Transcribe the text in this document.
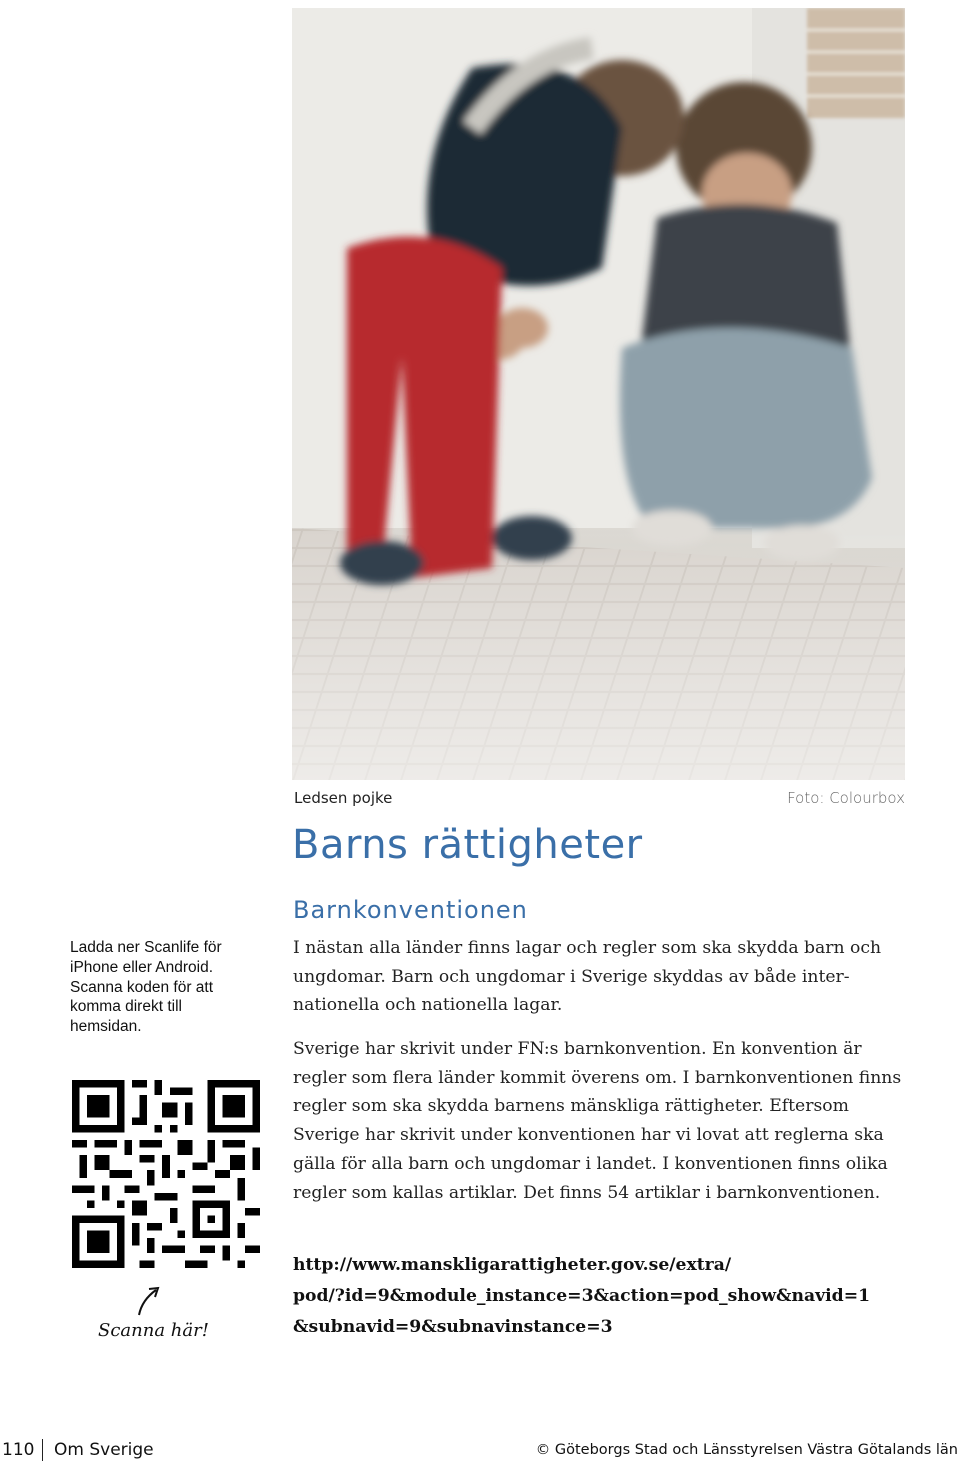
Ledsen pojke	Foto: Colourbox
Barns rättigheter
Barnkonventionen

I nästan alla länder finns lagar och regler som ska skydda barn och ungdomar. Barn och ungdomar i Sverige skyddas av både internationella och nationella lagar.

Sverige har skrivit under FN:s barnkonvention. En konvention är regler som flera länder kommit överens om. I barnkonventionen finns regler som ska skydda barnens mänskliga rättigheter. Eftersom Sverige har skrivit under konventionen har vi lovat att reglerna ska gälla för alla barn och ungdomar i landet. I konventionen finns olika regler som kallas artiklar. Det finns 54 artiklar i barnkonventionen.

http://www.manskligarattigheter.gov.se/extra/
pod/?id=9&module_instance=3&action=pod_show&navid=1
&subnavid=9&subnavinstance=3

Ladda ner Scanlife för iPhone eller Android. Scanna koden för att komma direkt till hemsidan.

Scanna här!
110 Om Sverige	© Göteborgs Stad och Länsstyrelsen Västra Götalands län
